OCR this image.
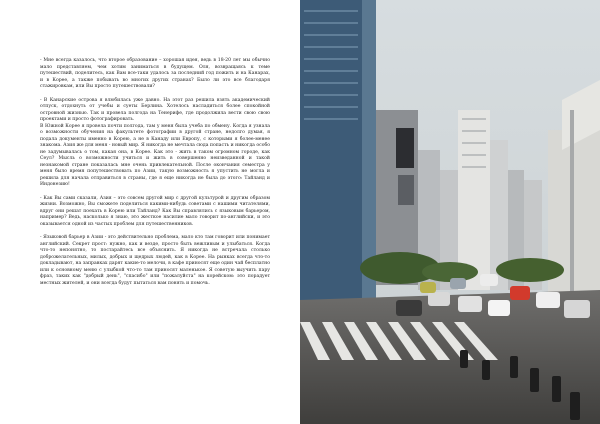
- Мне всегда казалось, что второе образование – хорошая идея, ведь в 18-20 лет мы обычно мало представляем, чем хотим заниматься в будущем. Оля, возвращаясь к теме путешествий, поделитесь, как Вам все-таки удалось за последний год пожить и на Канарах, и в Корее, а также побывать во многих других странах? Было ли это все благодаря стажировкам, или Вы просто путешествовали?

- В Канарские острова я влюбилась уже давно. На этот раз решила взять академический отпуск, отдохнуть от учебы и суеты Берлина. Хотелось насладиться более спокойной островной жизнью. Так и провела полгода на Тенерифе, где продолжила вести свою свою проектами и просто фотографировать.

В Южной Корее я провела почти полгода, там у меня была учеба по обмену. Когда я узнала о возможности обучения на факультете фотографии в другой стране, недолго думая, я подала документы именно в Корею, а не в Канаду или Европу, с которыми я более-менее знакома. Азия же для меня - новый мир. Я никогда не мечтала сюда попасть и никогда особо не задумывалась о том, какая она, в Корее. Как это - жить в таком огромном городе, как Сеул? Мысль о возможности учиться и жить в совершенно неизведанной и такой незнакомой стране показалась мне очень привлекательной. После окончания семестра у меня было время попутешествовать по Азии, такую возможность я упустить не могла и решила для начала отправиться в страны, где я еще никогда не была до этого: Тайланд и Индонезию!

- Как Вы сами сказали, Азия – это совсем другой мир с другой культурой и другим образом жизни. Возможно, Вы сможете поделиться какими-нибудь советами с нашими читателями, вдруг они решат поехать в Корею или Тайланд? Как Вы справлялись с языковым барьером, например? Ведь, насколько я знаю, это жесткое насилие мало говорит по-английски, и это оказывается одной из частых проблем для путешественников.

- Языковой барьер в Азии - это действительно проблема, мало кто там говорит или понимает английский. Секрет прост: нужно, как и везде, просто быть вежливым и улыбаться. Когда что-то непонятно, то постарайтесь все объяснить. Я никогда не встречала столько доброжелательных, милых, добрых и щедрых людей, как в Корее. На рынках всегда что-то докладывают, на заправках дарят какие-то мелочи, в кафе приносят еще один чай бесплатно или к основному меню с улыбкой что-то там приносят маленькое. Я советую выучить пару фраз, таких как "добрый день", "спасибо" или "пожалуйста" на корейском: это порадует местных жителей, и они всегда будут пытаться вам понять и помочь.
